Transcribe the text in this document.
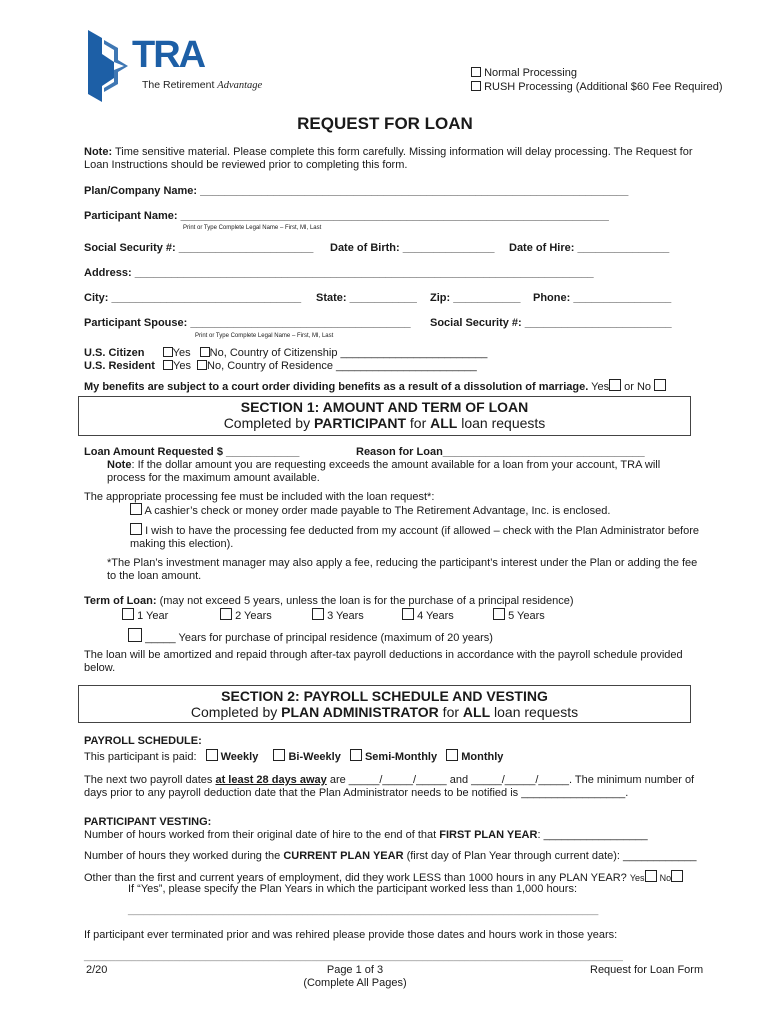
TRA
The Retirement Advantage
Normal Processing
RUSH Processing (Additional $60 Fee Required)
REQUEST FOR LOAN
Note: Time sensitive material. Please complete this form carefully. Missing information will delay processing. The Request for Loan Instructions should be reviewed prior to completing this form.
Plan/Company Name: ______________________________________________________________________
Participant Name: ______________________________________________________________________
Print or Type Complete Legal Name – First, MI, Last
Social Security #: ______________________ Date of Birth: _______________ Date of Hire: _______________
Address: ___________________________________________________________________________
City: _______________________________ State: ___________ Zip: ___________ Phone: ________________
Participant Spouse: ____________________________________ Social Security #: ________________________
Print or Type Complete Legal Name – First, MI, Last
U.S. Citizen	Yes No, Country of Citizenship ________________________
U.S. Resident Yes No, Country of Residence _______________________
My benefits are subject to a court order dividing benefits as a result of a dissolution of marriage. Yes or No
SECTION 1: AMOUNT AND TERM OF LOAN
Completed by PARTICIPANT for ALL loan requests
Loan Amount Requested $ ____________	Reason for Loan_________________________________
Note: If the dollar amount you are requesting exceeds the amount available for a loan from your account, TRA will process for the maximum amount available.
The appropriate processing fee must be included with the loan request*:
A cashier’s check or money order made payable to The Retirement Advantage, Inc. is enclosed.
I wish to have the processing fee deducted from my account (if allowed – check with the Plan Administrator before making this election).
*The Plan’s investment manager may also apply a fee, reducing the participant’s interest under the Plan or adding the fee to the loan amount.
Term of Loan: (may not exceed 5 years, unless the loan is for the purchase of a principal residence)
1 Year	2 Years	3 Years	4 Years	5 Years
_____ Years for purchase of principal residence (maximum of 20 years)
The loan will be amortized and repaid through after-tax payroll deductions in accordance with the payroll schedule provided below.
SECTION 2: PAYROLL SCHEDULE AND VESTING
Completed by PLAN ADMINISTRATOR for ALL loan requests
PAYROLL SCHEDULE:
This participant is paid: Weekly	Bi-Weekly Semi-Monthly Monthly
The next two payroll dates at least 28 days away are _____/_____/_____ and _____/_____/_____. The minimum number of days prior to any payroll deduction date that the Plan Administrator needs to be notified is _________________.
PARTICIPANT VESTING:
Number of hours worked from their original date of hire to the end of that FIRST PLAN YEAR: _________________
Number of hours they worked during the CURRENT PLAN YEAR (first day of Plan Year through current date): ____________
Other than the first and current years of employment, did they work LESS than 1000 hours in any PLAN YEAR? Yes No
If “Yes”, please specify the Plan Years in which the participant worked less than 1,000 hours:
_________________________________________________________________________________________
If participant ever terminated prior and was rehired please provide those dates and hours work in those years:
______________________________________________________________________________________________________
2/20	Page 1 of 3
(Complete All Pages)
Request for Loan Form
